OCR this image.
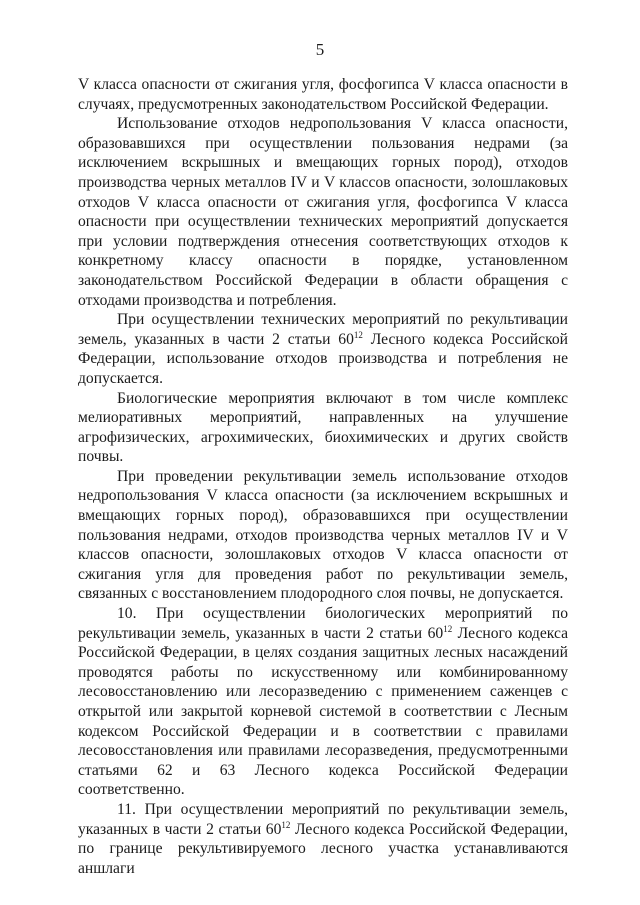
5

V класса опасности от сжигания угля, фосфогипса V класса опасности в случаях, предусмотренных законодательством Российской Федерации.

Использование отходов недропользования V класса опасности, образовавшихся при осуществлении пользования недрами (за исключением вскрышных и вмещающих горных пород), отходов производства черных металлов IV и V классов опасности, золошлаковых отходов V класса опасности от сжигания угля, фосфогипса V класса опасности при осуществлении технических мероприятий допускается при условии подтверждения отнесения соответствующих отходов к конкретному классу опасности в порядке, установленном законодательством Российской Федерации в области обращения с отходами производства и потребления.

При осуществлении технических мероприятий по рекультивации земель, указанных в части 2 статьи $60^{12}$ Лесного кодекса Российской Федерации, использование отходов производства и потребления не допускается.

Биологические мероприятия включают в том числе комплекс мелиоративных мероприятий, направленных на улучшение агрофизических, агрохимических, биохимических и других свойств почвы.

При проведении рекультивации земель использование отходов недропользования V класса опасности (за исключением вскрышных и вмещающих горных пород), образовавшихся при осуществлении пользования недрами, отходов производства черных металлов IV и V классов опасности, золошлаковых отходов V класса опасности от сжигания угля для проведения работ по рекультивации земель, связанных с восстановлением плодородного слоя почвы, не допускается.

10. При осуществлении биологических мероприятий по рекультивации земель, указанных в части 2 статьи $60^{12}$ Лесного кодекса Российской Федерации, в целях создания защитных лесных насаждений проводятся работы по искусственному или комбинированному лесовосстановлению или лесоразведению с применением саженцев с открытой или закрытой корневой системой в соответствии с Лесным кодексом Российской Федерации и в соответствии с правилами лесовосстановления или правилами лесоразведения, предусмотренными статьями 62 и 63 Лесного кодекса Российской Федерации соответственно.

11. При осуществлении мероприятий по рекультивации земель, указанных в части 2 статьи $60^{12}$ Лесного кодекса Российской Федерации, по границе рекультивируемого лесного участка устанавливаются аншлаги
